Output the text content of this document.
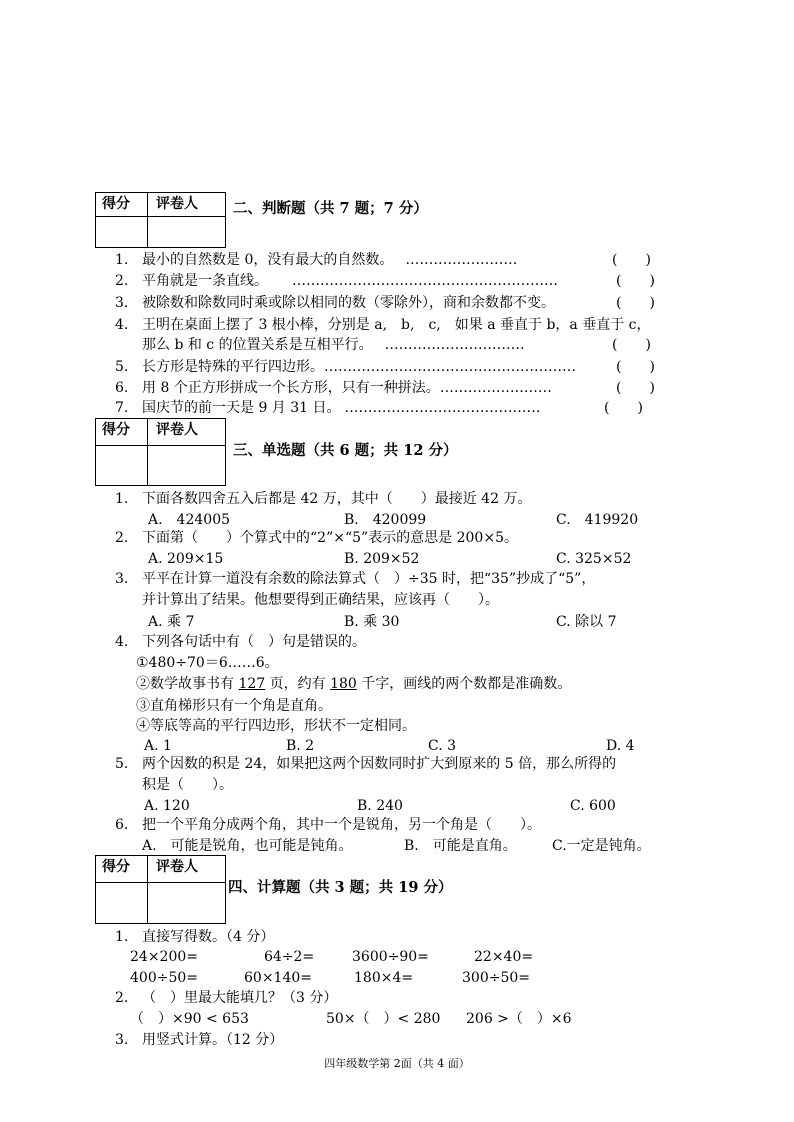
得分	评卷人	二、判断题（共 7 题；7 分）
1. 最小的自然数是 0，没有最大的自然数。 ……………………	(　　)
2. 平角就是一条直线。 …………………………………………………	(　　)
3. 被除数和除数同时乘或除以相同的数（零除外），商和余数都不变。	(　　)
4. 王明在桌面上摆了 3 根小棒，分别是 a,　b,　c,　如果 a 垂直于 b，a 垂直于 c，
那么 b 和 c 的位置关系是互相平行。 …………………………	(　　)
5. 长方形是特殊的平行四边形。………………………………………………	(　　)
6. 用 8 个正方形拼成一个长方形，只有一种拼法。……………………	(　　)
7. 国庆节的前一天是 9 月 31 日。 ……………………………………	(　　)
得分	评卷人
三、单选题（共 6 题；共 12 分）
1. 下面各数四舍五入后都是 42 万，其中（　　）最接近 42 万。
A.　424005	B.　420099	C.　419920
2. 下面第（　　）个算式中的“2”×“5”表示的意思是 200×5。
A. 209×15	B. 209×52	C. 325×52
3. 平平在计算一道没有余数的除法算式（　）÷35 时，把“35”抄成了“5”，
并计算出了结果。他想要得到正确结果，应该再（　　）。
A. 乘 7	B. 乘 30	C. 除以 7
4. 下列各句话中有（　）句是错误的。
①480÷70＝6……6。
②数学故事书有 127 页，约有 180 千字，画线的两个数都是准确数。
③直角梯形只有一个角是直角。
④等底等高的平行四边形，形状不一定相同。
A. 1	B. 2	C. 3	D. 4
5. 两个因数的积是 24，如果把这两个因数同时扩大到原来的 5 倍，那么所得的
积是（　　）。
A. 120	B. 240	C. 600
6. 把一个平角分成两个角，其中一个是锐角，另一个角是（　　）。
A.　可能是锐角，也可能是钝角。	B.　可能是直角。	C.一定是钝角。
得分	评卷人
四、计算题（共 3 题；共 19 分）
1. 直接写得数。（4 分）
24×200=	64÷2=	3600÷90=	22×40=
400÷50=	60×140=	180×4=	300÷50=
2. （　）里最大能填几？（3 分）
（　）×90 < 653	50×（　）< 280 206 >（　）×6
3. 用竖式计算。（12 分）
四年级数学第 2面（共 4 面）
